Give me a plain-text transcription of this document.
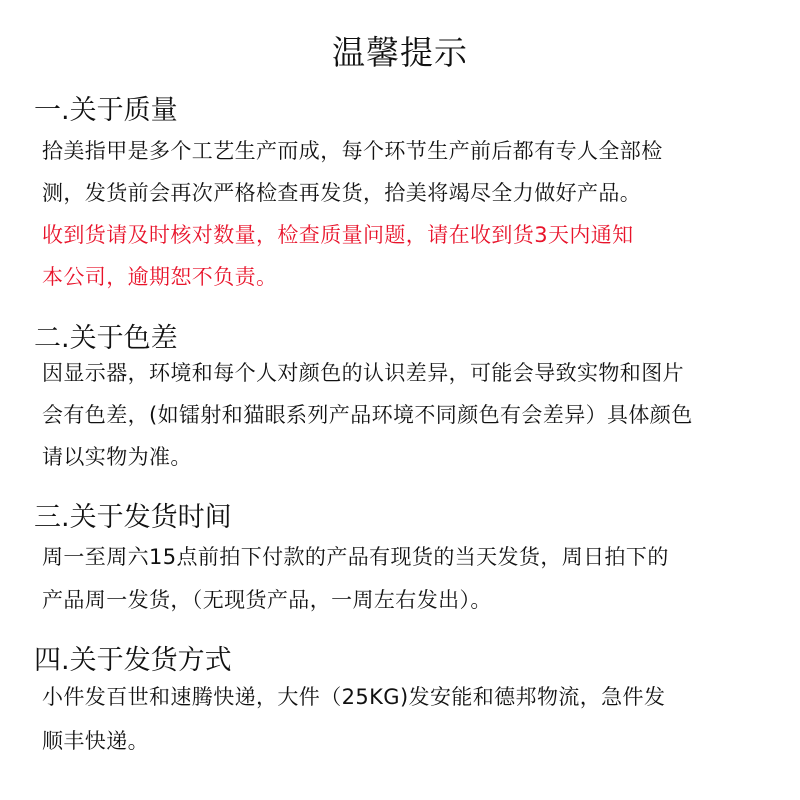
温馨提示
一.关于质量
拾美指甲是多个工艺生产而成，每个环节生产前后都有专人全部检
测，发货前会再次严格检查再发货，拾美将竭尽全力做好产品。
收到货请及时核对数量，检查质量问题，请在收到货3天内通知
本公司，逾期恕不负责。
二.关于色差
因显示器，环境和每个人对颜色的认识差异，可能会导致实物和图片
会有色差，(如镭射和猫眼系列产品环境不同颜色有会差异）具体颜色
请以实物为准。
三.关于发货时间
周一至周六15点前拍下付款的产品有现货的当天发货，周日拍下的
产品周一发货，（无现货产品，一周左右发出）。
四.关于发货方式
小件发百世和速腾快递，大件（25KG)发安能和德邦物流，急件发
顺丰快递。
